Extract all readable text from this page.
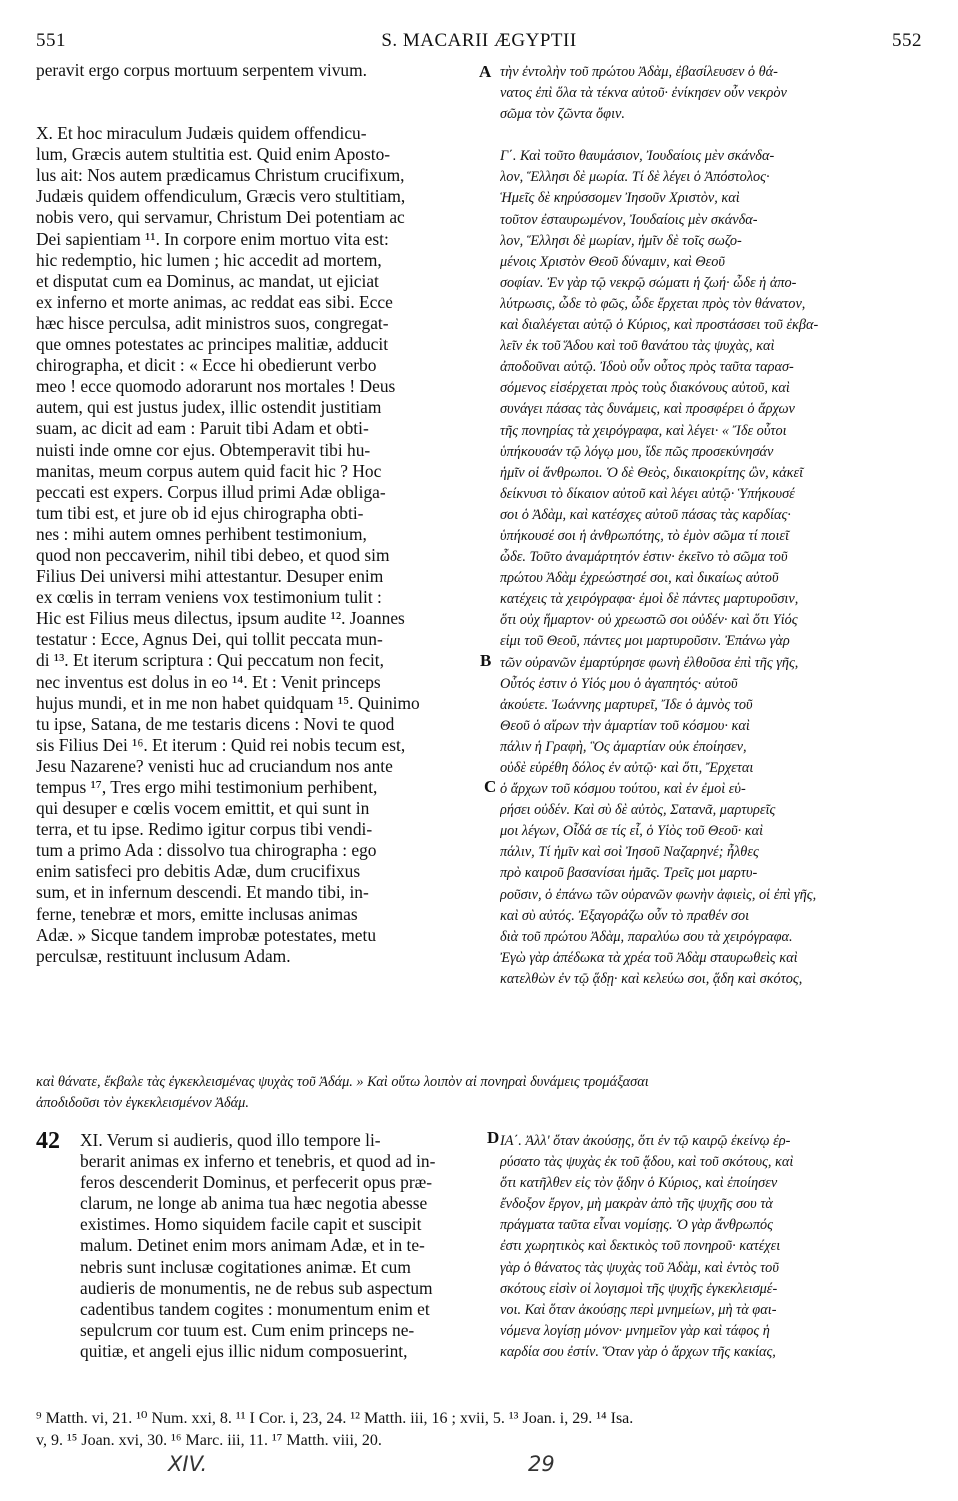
551	S. MACARII ÆGYPTII	552

peravit ergo corpus mortuum serpentem vivum.

X. Et hoc miraculum Judæis quidem offendicu-

lum, Græcis autem stultitia est. Quid enim Aposto-

lus ait: Nos autem prædicamus Christum crucifixum,

Judæis quidem offendiculum, Græcis vero stultitiam,

nobis vero, qui servamur, Christum Dei potentiam ac

Dei sapientiam ¹¹. In corpore enim mortuo vita est:

hic redemptio, hic lumen ; hic accedit ad mortem,

et disputat cum ea Dominus, ac mandat, ut ejiciat

ex inferno et morte animas, ac reddat eas sibi. Ecce

hæc hisce perculsa, adit ministros suos, congregat-

que omnes potestates ac principes malitiæ, adducit

chirographa, et dicit : « Ecce hi obedierunt verbo

meo ! ecce quomodo adorarunt nos mortales ! Deus

autem, qui est justus judex, illic ostendit justitiam

suam, ac dicit ad eam : Paruit tibi Adam et obti-

nuisti inde omne cor ejus. Obtemperavit tibi hu-

manitas, meum corpus autem quid facit hic ? Hoc

peccati est expers. Corpus illud primi Adæ obliga-

tum tibi est, et jure ob id ejus chirographa obti-

nes : mihi autem omnes perhibent testimonium,

quod non peccaverim, nihil tibi debeo, et quod sim

Filius Dei universi mihi attestantur. Desuper enim

ex cœlis in terram veniens vox testimonium tulit :

Hic est Filius meus dilectus, ipsum audite ¹². Joannes

testatur : Ecce, Agnus Dei, qui tollit peccata mun-

di ¹³. Et iterum scriptura : Qui peccatum non fecit,

nec inventus est dolus in eo ¹⁴. Et : Venit princeps

hujus mundi, et in me non habet quidquam ¹⁵. Quinimo

tu ipse, Satana, de me testaris dicens : Novi te quod

sis Filius Dei ¹⁶. Et iterum : Quid rei nobis tecum est,

Jesu Nazarene? venisti huc ad cruciandum nos ante

tempus ¹⁷, Tres ergo mihi testimonium perhibent,

qui desuper e cœlis vocem emittit, et qui sunt in

terra, et tu ipse. Redimo igitur corpus tibi vendi-

tum a primo Ada : dissolvo tua chirographa : ego

enim satisfeci pro debitis Adæ, dum crucifixus

sum, et in infernum descendi. Et mando tibi, in-

ferne, tenebræ et mors, emitte inclusas animas

Adæ. » Sicque tandem improbæ potestates, metu

perculsæ, restituunt inclusum Adam.

τὴν ἐντολὴν τοῦ πρώτου Ἀδὰμ, ἐβασίλευσεν ὁ θά-

νατος ἐπὶ ὅλα τὰ τέκνα αὐτοῦ· ἐνίκησεν οὖν νεκρὸν

σῶμα τὸν ζῶντα ὄφιν.

Γ΄. Καὶ τοῦτο θαυμάσιον, Ἰουδαίοις μὲν σκάνδα-

λον, Ἕλλησι δὲ μωρία. Τί δὲ λέγει ὁ Ἀπόστολος·

Ἡμεῖς δὲ κηρύσσομεν Ἰησοῦν Χριστὸν, καὶ

τοῦτον ἐσταυρωμένον, Ἰουδαίοις μὲν σκάνδα-

λον, Ἕλλησι δὲ μωρίαν, ἡμῖν δὲ τοῖς σωζο-

μένοις Χριστὸν Θεοῦ δύναμιν, καὶ Θεοῦ

σοφίαν. Ἐν γὰρ τῷ νεκρῷ σώματι ἡ ζωή· ὧδε ἡ ἀπο-

λύτρωσις, ὧδε τὸ φῶς, ὧδε ἔρχεται πρὸς τὸν θάνατον,

καὶ διαλέγεται αὐτῷ ὁ Κύριος, καὶ προστάσσει τοῦ ἐκβα-

λεῖν ἐκ τοῦ Ἅδου καὶ τοῦ θανάτου τὰς ψυχὰς, καὶ

ἀποδοῦναι αὐτῷ. Ἰδοὺ οὖν οὗτος πρὸς ταῦτα ταρασ-

σόμενος εἰσέρχεται πρὸς τοὺς διακόνους αὐτοῦ, καὶ

συνάγει πάσας τὰς δυνάμεις, καὶ προσφέρει ὁ ἄρχων

τῆς πονηρίας τὰ χειρόγραφα, καὶ λέγει· « Ἴδε οὗτοι

ὑπήκουσάν τῷ λόγῳ μου, ἴδε πῶς προσεκύνησάν

ἡμῖν οἱ ἄνθρωποι. Ὁ δὲ Θεὸς, δικαιοκρίτης ὢν, κἀκεῖ

δείκνυσι τὸ δίκαιον αὐτοῦ καὶ λέγει αὐτῷ· Ὑπήκουσέ

σοι ὁ Ἀδὰμ, καὶ κατέσχες αὐτοῦ πάσας τὰς καρδίας·

ὑπήκουσέ σοι ἡ ἀνθρωπότης, τὸ ἐμὸν σῶμα τί ποιεῖ

ὧδε. Τοῦτο ἀναμάρτητόν ἐστιν· ἐκεῖνο τὸ σῶμα τοῦ

πρώτου Ἀδὰμ ἐχρεώστησέ σοι, καὶ δικαίως αὐτοῦ

κατέχεις τὰ χειρόγραφα· ἐμοὶ δὲ πάντες μαρτυροῦσιν,

ὅτι οὐχ ἥμαρτον· οὐ χρεωστῶ σοι οὐδέν· καὶ ὅτι Υἱός

εἰμι τοῦ Θεοῦ, πάντες μοι μαρτυροῦσιν. Ἐπάνω γὰρ

τῶν οὐρανῶν ἐμαρτύρησε φωνὴ ἐλθοῦσα ἐπὶ τῆς γῆς,

Οὗτός ἐστιν ὁ Υἱός μου ὁ ἀγαπητός· αὐτοῦ

ἀκούετε. Ἰωάννης μαρτυρεῖ, Ἴδε ὁ ἀμνὸς τοῦ

Θεοῦ ὁ αἴρων τὴν ἁμαρτίαν τοῦ κόσμου· καὶ

πάλιν ἡ Γραφὴ, Ὃς ἁμαρτίαν οὐκ ἐποίησεν,

οὐδὲ εὑρέθη δόλος ἐν αὐτῷ· καὶ ὅτι, Ἔρχεται

ὁ ἄρχων τοῦ κόσμου τούτου, καὶ ἐν ἐμοὶ εὑ-

ρήσει οὐδέν. Καὶ σὺ δὲ αὐτὸς, Σατανᾶ, μαρτυρεῖς

μοι λέγων, Οἶδά σε τίς εἶ, ὁ Υἱὸς τοῦ Θεοῦ· καὶ

πάλιν, Τί ἡμῖν καὶ σοὶ Ἰησοῦ Ναζαρηνέ; ἦλθες

πρὸ καιροῦ βασανίσαι ἡμᾶς. Τρεῖς μοι μαρτυ-

ροῦσιν, ὁ ἐπάνω τῶν οὐρανῶν φωνὴν ἀφιεὶς, οἱ ἐπὶ γῆς,

καὶ σὺ αὐτός. Ἐξαγοράζω οὖν τὸ πραθέν σοι

διὰ τοῦ πρώτου Ἀδὰμ, παραλύω σου τὰ χειρόγραφα.

Ἐγὼ γὰρ ἀπέδωκα τὰ χρέα τοῦ Ἀδὰμ σταυρωθεὶς καὶ

κατελθὼν ἐν τῷ ᾅδῃ· καὶ κελεύω σοι, ᾅδη καὶ σκότος,

A
B
C
D
καὶ θάνατε, ἔκβαλε τὰς ἐγκεκλεισμένας ψυχὰς τοῦ Ἀδάμ. » Καὶ οὕτω λοιπὸν αἱ πονηραὶ δυνάμεις τρομάξασαι
ἀποδιδοῦσι τὸν ἐγκεκλεισμένον Ἀδάμ.
42 XI. Verum si audieris, quod illo tempore li-

berarit animas ex inferno et tenebris, et quod ad in-

feros descenderit Dominus, et perfecerit opus præ-

clarum, ne longe ab anima tua hæc negotia abesse

existimes. Homo siquidem facile capit et suscipit

malum. Detinet enim mors animam Adæ, et in te-

nebris sunt inclusæ cogitationes animæ. Et cum

audieris de monumentis, ne de rebus sub aspectum

cadentibus tandem cogites : monumentum enim et

sepulcrum cor tuum est. Cum enim princeps ne-

quitiæ, et angeli ejus illic nidum composuerint,

ΙΑ΄. Ἀλλ' ὅταν ἀκούσῃς, ὅτι ἐν τῷ καιρῷ ἐκείνῳ ἐρ-

ρύσατο τὰς ψυχὰς ἐκ τοῦ ᾅδου, καὶ τοῦ σκότους, καὶ

ὅτι κατῆλθεν εἰς τὸν ᾅδην ὁ Κύριος, καὶ ἐποίησεν

ἔνδοξον ἔργον, μὴ μακρὰν ἀπὸ τῆς ψυχῆς σου τὰ

πράγματα ταῦτα εἶναι νομίσῃς. Ὁ γὰρ ἄνθρωπός

ἐστι χωρητικὸς καὶ δεκτικὸς τοῦ πονηροῦ· κατέχει

γὰρ ὁ θάνατος τὰς ψυχὰς τοῦ Ἀδὰμ, καὶ ἐντὸς τοῦ

σκότους εἰσὶν οἱ λογισμοὶ τῆς ψυχῆς ἐγκεκλεισμέ-

νοι. Καὶ ὅταν ἀκούσῃς περὶ μνημείων, μὴ τὰ φαι-

νόμενα λογίσῃ μόνον· μνημεῖον γὰρ καὶ τάφος ἡ

καρδία σου ἐστίν. Ὅταν γὰρ ὁ ἄρχων τῆς κακίας,

⁹ Matth. vi, 21. ¹⁰ Num. xxi, 8. ¹¹ I Cor. i, 23, 24. ¹² Matth. iii, 16 ; xvii, 5. ¹³ Joan. i, 29. ¹⁴ Isa.
v, 9. ¹⁵ Joan. xvi, 30. ¹⁶ Marc. iii, 11. ¹⁷ Matth. viii, 20.
XIV.	29
